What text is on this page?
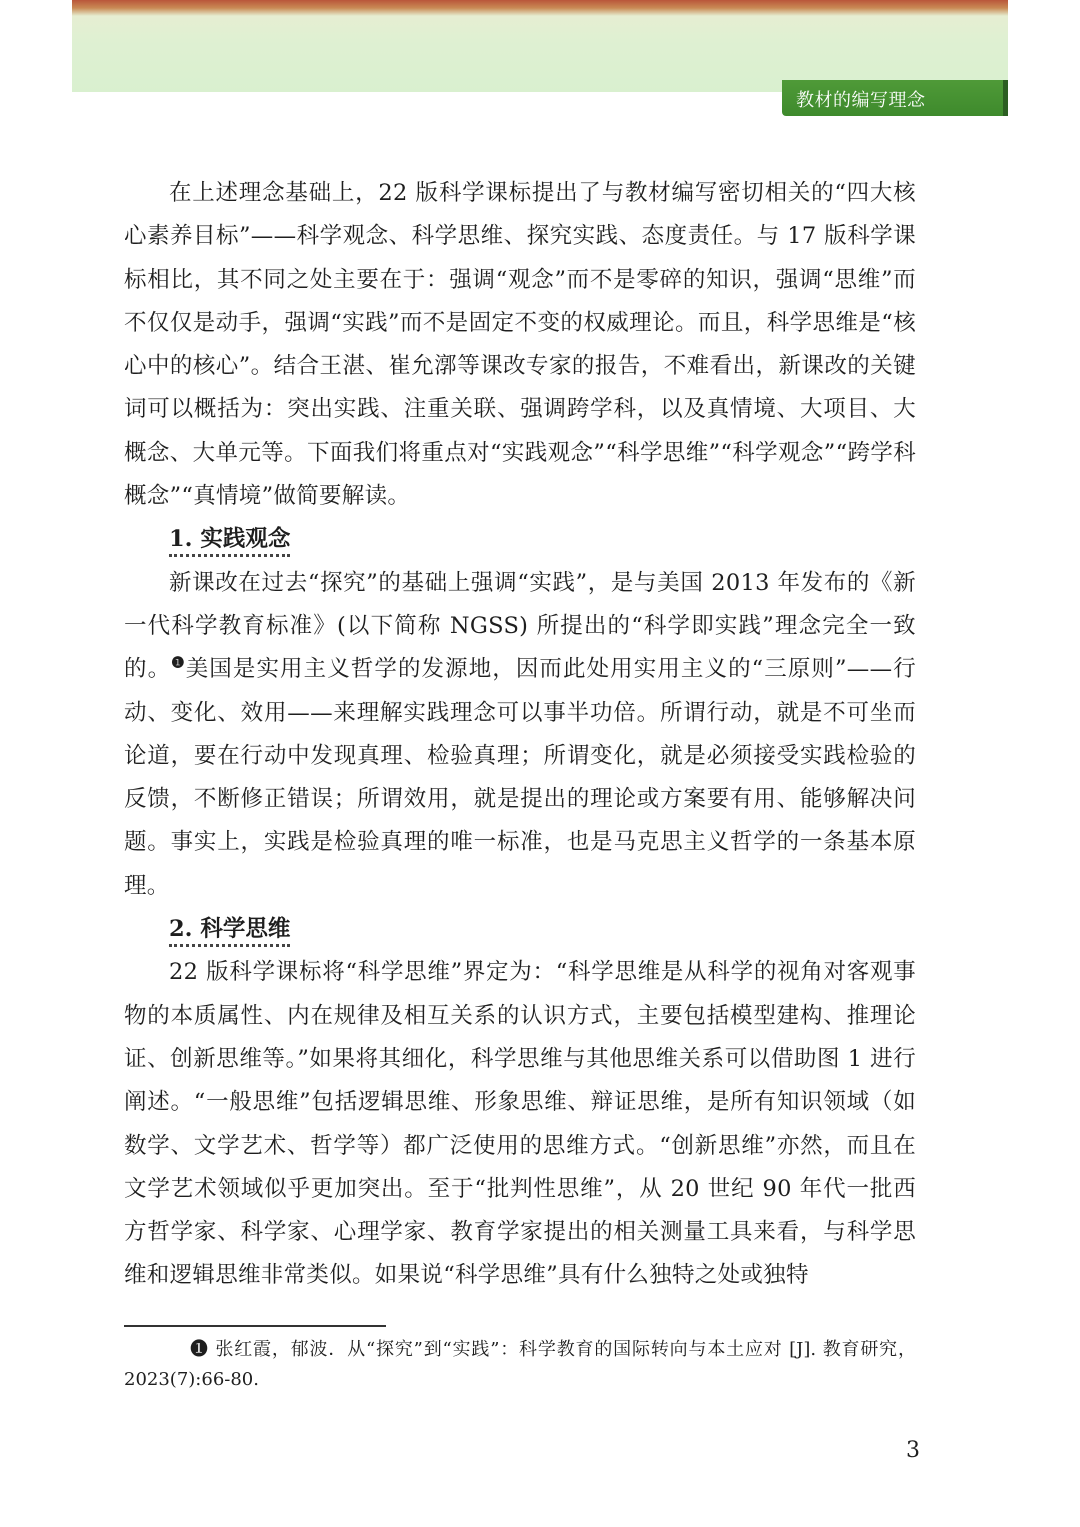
教材的编写理念

在上述理念基础上，22 版科学课标提出了与教材编写密切相关的“四大核心素养目标”——科学观念、科学思维、探究实践、态度责任。与 17 版科学课标相比，其不同之处主要在于：强调“观念”而不是零碎的知识，强调“思维”而不仅仅是动手，强调“实践”而不是固定不变的权威理论。而且，科学思维是“核心中的核心”。结合王湛、崔允漷等课改专家的报告，不难看出，新课改的关键词可以概括为：突出实践、注重关联、强调跨学科，以及真情境、大项目、大概念、大单元等。下面我们将重点对“实践观念”“科学思维”“科学观念”“跨学科概念”“真情境”做简要解读。

1. 实践观念

新课改在过去“探究”的基础上强调“实践”，是与美国 2013 年发布的《新一代科学教育标准》(以下简称 NGSS) 所提出的“科学即实践”理念完全一致的。$^❶$美国是实用主义哲学的发源地，因而此处用实用主义的“三原则”——行动、变化、效用——来理解实践理念可以事半功倍。所谓行动，就是不可坐而论道，要在行动中发现真理、检验真理；所谓变化，就是必须接受实践检验的反馈，不断修正错误；所谓效用，就是提出的理论或方案要有用、能够解决问题。事实上，实践是检验真理的唯一标准，也是马克思主义哲学的一条基本原理。

2. 科学思维

22 版科学课标将“科学思维”界定为：“科学思维是从科学的视角对客观事物的本质属性、内在规律及相互关系的认识方式，主要包括模型建构、推理论证、创新思维等。”如果将其细化，科学思维与其他思维关系可以借助图 1 进行阐述。“一般思维”包括逻辑思维、形象思维、辩证思维，是所有知识领域（如数学、文学艺术、哲学等）都广泛使用的思维方式。“创新思维”亦然，而且在文学艺术领域似乎更加突出。至于“批判性思维”，从 20 世纪 90 年代一批西方哲学家、科学家、心理学家、教育学家提出的相关测量工具来看，与科学思维和逻辑思维非常类似。如果说“科学思维”具有什么独特之处或独特

❶ 张红霞，郁波．从“探究”到“实践”：科学教育的国际转向与本土应对 [J]. 教育研究，2023(7):66-80.

3
